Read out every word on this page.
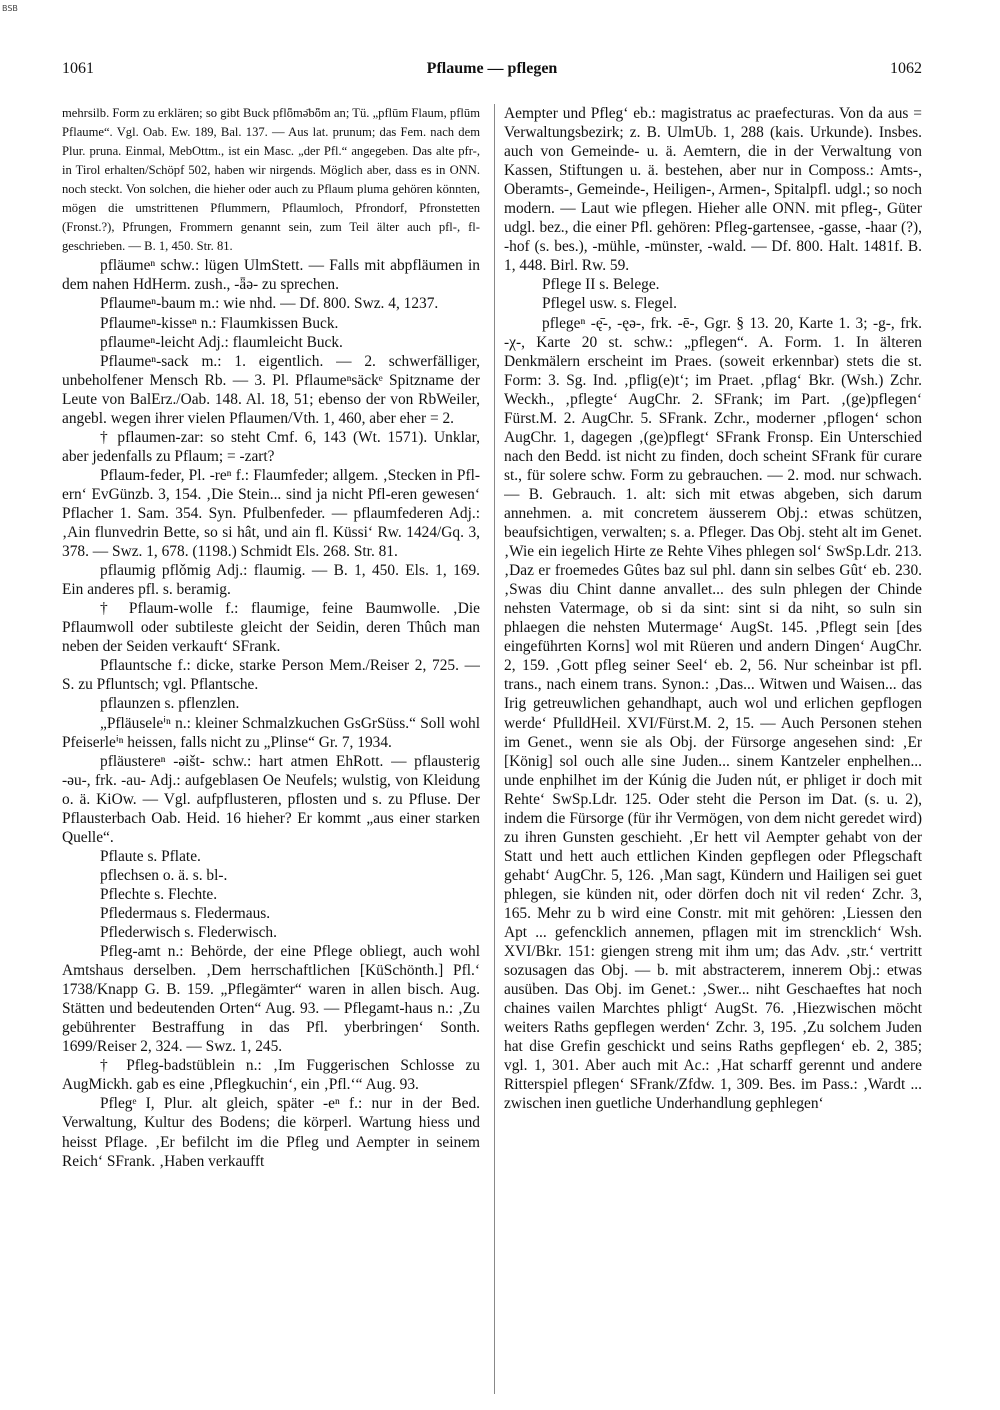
BSB
1061	Pflaume — pflegen	1062

mehrsilb. Form zu erklären; so gibt Buck pflȫmə̄bȫm an; Tü. „pflūm Flaum, pflūm Pflaume“. Vgl. Oab. Ew. 189, Bal. 137. — Aus lat. prunum; das Fem. nach dem Plur. pruna. Einmal, MebOttm., ist ein Masc. „der Pfl.“ angegeben. Das alte pfr-, in Tirol erhalten/Schöpf 502, haben wir nirgends. Möglich aber, dass es in ONN. noch steckt. Von solchen, die hieher oder auch zu Pflaum pluma gehören könnten, mögen die umstrittenen Pflummern, Pflaumloch, Pfrondorf, Pfronstetten (Fronst.?), Pfrungen, Frommern genannt sein, zum Teil älter auch pfl-, fl- geschrieben. — B. 1, 450. Str. 81.

pfläumeⁿ schw.: lügen UlmStett. — Falls mit abpfläumen in dem nahen HdHerm. zush., -ǟə- zu sprechen.

Pflaumeⁿ-baum m.: wie nhd. — Df. 800. Swz. 4, 1237.

Pflaumeⁿ-kisseⁿ n.: Flaumkissen Buck.

pflaumeⁿ-leicht Adj.: flaumleicht Buck.

Pflaumeⁿ-sack m.: 1. eigentlich. — 2. schwerfälliger, unbeholfener Mensch Rb. — 3. Pl. Pflaumeⁿsäckᵉ Spitzname der Leute von BalErz./Oab. 148. Al. 18, 51; ebenso der von RbWeiler, angebl. wegen ihrer vielen Pflaumen/Vth. 1, 460, aber eher = 2.

† pflaumen-zar: so steht Cmf. 6, 143 (Wt. 1571). Unklar, aber jedenfalls zu Pflaum; = -zart?

Pflaum-feder, Pl. -reⁿ f.: Flaumfeder; allgem. ‚Stecken in Pfl-ern‘ EvGünzb. 3, 154. ‚Die Stein... sind ja nicht Pfl-eren gewesen‘ Pflacher 1. Sam. 354. Syn. Pfulbenfeder. — pflaumfederen Adj.: ‚Ain flunvedrin Bette, so si hât, und ain fl. Küssi‘ Rw. 1424/Gq. 3, 378. — Swz. 1, 678. (1198.) Schmidt Els. 268. Str. 81.

pflaumig pflǒmig Adj.: flaumig. — B. 1, 450. Els. 1, 169. Ein anderes pfl. s. beramig.

† Pflaum-wolle f.: flaumige, feine Baumwolle. ‚Die Pflaumwoll oder subtileste gleicht der Seidin, deren Thûch man neben der Seiden verkauft‘ SFrank.

Pflauntsche f.: dicke, starke Person Mem./Reiser 2, 725. — S. zu Pfluntsch; vgl. Pflantsche.

pflaunzen s. pflenzlen.

„Pfläuseleⁱⁿ n.: kleiner Schmalzkuchen GsGrSüss.“ Soll wohl Pfeiserleⁱⁿ heissen, falls nicht zu „Plinse“ Gr. 7, 1934.

pfläustereⁿ -əišt- schw.: hart atmen EhRott. — pflausterig -əu-, frk. -au- Adj.: aufgeblasen Oe Neufels; wulstig, von Kleidung o. ä. KiOw. — Vgl. aufpflusteren, pflosten und s. zu Pfluse. Der Pflausterbach Oab. Heid. 16 hieher? Er kommt „aus einer starken Quelle“.

Pflaute s. Pflate.

pflechsen o. ä. s. bl-.

Pflechte s. Flechte.

Pfledermaus s. Fledermaus.

Pflederwisch s. Flederwisch.

Pfleg-amt n.: Behörde, der eine Pflege obliegt, auch wohl Amtshaus derselben. ‚Dem herrschaftlichen [KüSchönth.] Pfl.‘ 1738/Knapp G. B. 159. „Pflegämter“ waren in allen bisch. Aug. Stätten und bedeutenden Orten“ Aug. 93. — Pflegamt-haus n.: ‚Zu gebührenter Bestraffung in das Pfl. yberbringen‘ Sonth. 1699/Reiser 2, 324. — Swz. 1, 245.

† Pfleg-badstüblein n.: ‚Im Fuggerischen Schlosse zu AugMickh. gab es eine ‚Pflegkuchin‘, ein ‚Pfl.‘“ Aug. 93.

Pflegᵉ I, Plur. alt gleich, später -eⁿ f.: nur in der Bed. Verwaltung, Kultur des Bodens; die körperl. Wartung hiess und heisst Pflage. ‚Er befilcht im die Pfleg und Aempter in seinem Reich‘ SFrank. ‚Haben verkaufft

Aempter und Pfleg‘ eb.: magistratus ac praefecturas. Von da aus = Verwaltungsbezirk; z. B. UlmUb. 1, 288 (kais. Urkunde). Insbes. auch von Gemeinde- u. ä. Aemtern, die in der Verwaltung von Kassen, Stiftungen u. ä. bestehen, aber nur in Composs.: Amts-, Oberamts-, Gemeinde-, Heiligen-, Armen-, Spitalpfl. udgl.; so noch modern. — Laut wie pflegen. Hieher alle ONN. mit pfleg-, Güter udgl. bez., die einer Pfl. gehören: Pfleg-gartensee, -gasse, -haar (?), -hof (s. bes.), -mühle, -münster, -wald. — Df. 800. Halt. 1481f. B. 1, 448. Birl. Rw. 59.

Pflege II s. Belege.

Pflegel usw. s. Flegel.

pflegeⁿ -ę̄-, -ęə-, frk. -ē-, Ggr. § 13. 20, Karte 1. 3; -g-, frk. -χ-, Karte 20 st. schw.: „pflegen“. A. Form. 1. In älteren Denkmälern erscheint im Praes. (soweit erkennbar) stets die st. Form: 3. Sg. Ind. ‚pflig(e)t‘; im Praet. ‚pflag‘ Bkr. (Wsh.) Zchr. Weckh., ‚pflegte‘ AugChr. 2. SFrank; im Part. ‚(ge)pflegen‘ Fürst.M. 2. AugChr. 5. SFrank. Zchr., moderner ‚pflogen‘ schon AugChr. 1, dagegen ‚(ge)pflegt‘ SFrank Fronsp. Ein Unterschied nach den Bedd. ist nicht zu finden, doch scheint SFrank für curare st., für solere schw. Form zu gebrauchen. — 2. mod. nur schwach. — B. Gebrauch. 1. alt: sich mit etwas abgeben, sich darum annehmen. a. mit concretem äusserem Obj.: etwas schützen, beaufsichtigen, verwalten; s. a. Pfleger. Das Obj. steht alt im Genet. ‚Wie ein iegelich Hirte ze Rehte Vihes phlegen sol‘ SwSp.Ldr. 213. ‚Daz er froemedes Gûtes baz sul phl. dann sin selbes Gût‘ eb. 230. ‚Swas diu Chint danne anvallet... des suln phlegen der Chinde nehsten Vatermage, ob si da sint: sint si da niht, so suln sin phlaegen die nehsten Mutermage‘ AugSt. 145. ‚Pflegt sein [des eingeführten Korns] wol mit Rüeren und andern Dingen‘ AugChr. 2, 159. ‚Gott pfleg seiner Seel‘ eb. 2, 56. Nur scheinbar ist pfl. trans., nach einem trans. Synon.: ‚Das... Witwen und Waisen... das Irig getreuwlichen gehandhapt, auch wol und erlichen gepflogen werde‘ PfulldHeil. XVI/Fürst.M. 2, 15. — Auch Personen stehen im Genet., wenn sie als Obj. der Fürsorge angesehen sind: ‚Er [König] sol ouch alle sine Juden... sinem Kantzeler enphelhen... unde enphilhet im der Kúnig die Juden nút, er phliget ir doch mit Rehte‘ SwSp.Ldr. 125. Oder steht die Person im Dat. (s. u. 2), indem die Fürsorge (für ihr Vermögen, von dem nicht geredet wird) zu ihren Gunsten geschieht. ‚Er hett vil Aempter gehabt von der Statt und hett auch ettlichen Kinden gepflegen oder Pflegschaft gehabt‘ AugChr. 5, 126. ‚Man sagt, Kündern und Hailigen sei guet phlegen, sie künden nit, oder dörfen doch nit vil reden‘ Zchr. 3, 165. Mehr zu b wird eine Constr. mit mit gehören: ‚Liessen den Apt ... gefencklich annemen, pflagen mit im strencklich‘ Wsh. XVI/Bkr. 151: giengen streng mit ihm um; das Adv. ‚str.‘ vertritt sozusagen das Obj. — b. mit abstracterem, innerem Obj.: etwas ausüben. Das Obj. im Genet.: ‚Swer... niht Geschaeftes hat noch chaines vailen Marchtes phligt‘ AugSt. 76. ‚Hiezwischen möcht weiters Raths gepflegen werden‘ Zchr. 3, 195. ‚Zu solchem Juden hat dise Grefin geschickt und seins Raths gepflegen‘ eb. 2, 385; vgl. 1, 301. Aber auch mit Ac.: ‚Hat scharff gerennt und andere Ritterspiel pflegen‘ SFrank/Zfdw. 1, 309. Bes. im Pass.: ‚Wardt ... zwischen inen guetliche Underhandlung gephlegen‘
